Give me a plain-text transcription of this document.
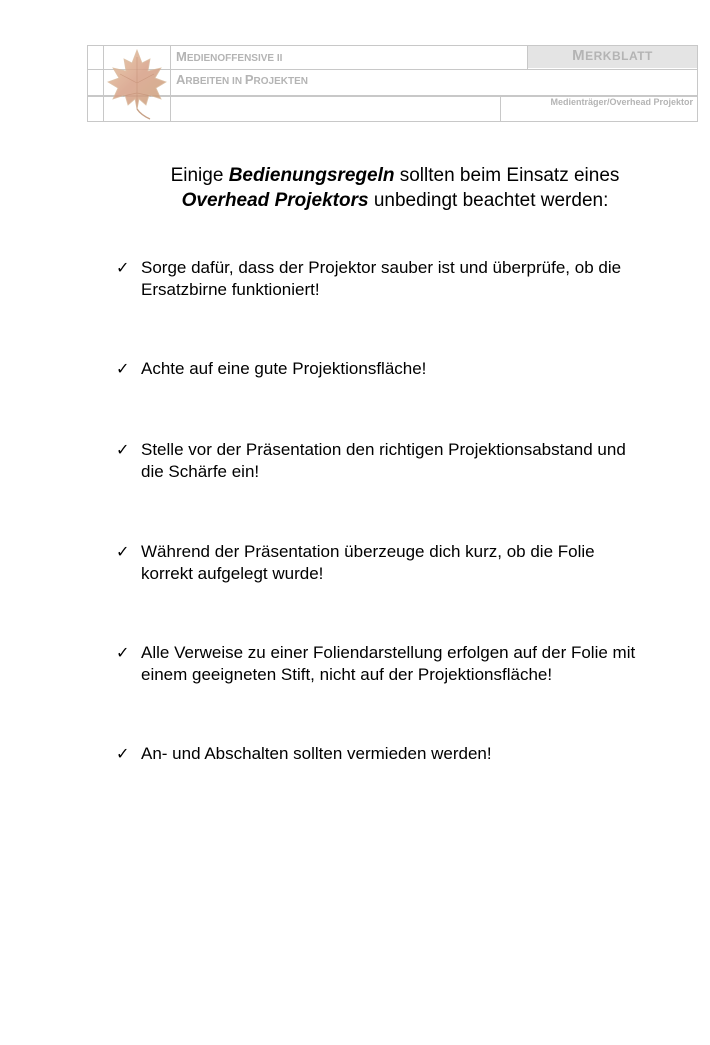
MEDIENOFFENSIVE II
ARBEITEN IN PROJEKTEN
MERKBLATT
Medienträger/Overhead Projektor
Einige Bedienungsregeln sollten beim Einsatz eines
Overhead Projektors unbedingt beachtet werden:
✓ Sorge dafür, dass der Projektor sauber ist und überprüfe, ob die
Ersatzbirne funktioniert!
✓ Achte auf eine gute Projektionsfläche!
✓ Stelle vor der Präsentation den richtigen Projektionsabstand und
die Schärfe ein!
✓ Während der Präsentation überzeuge dich kurz, ob die Folie
korrekt aufgelegt wurde!
✓ Alle Verweise zu einer Foliendarstellung erfolgen auf der Folie mit
einem geeigneten Stift, nicht auf der Projektionsfläche!
✓ An- und Abschalten sollten vermieden werden!
